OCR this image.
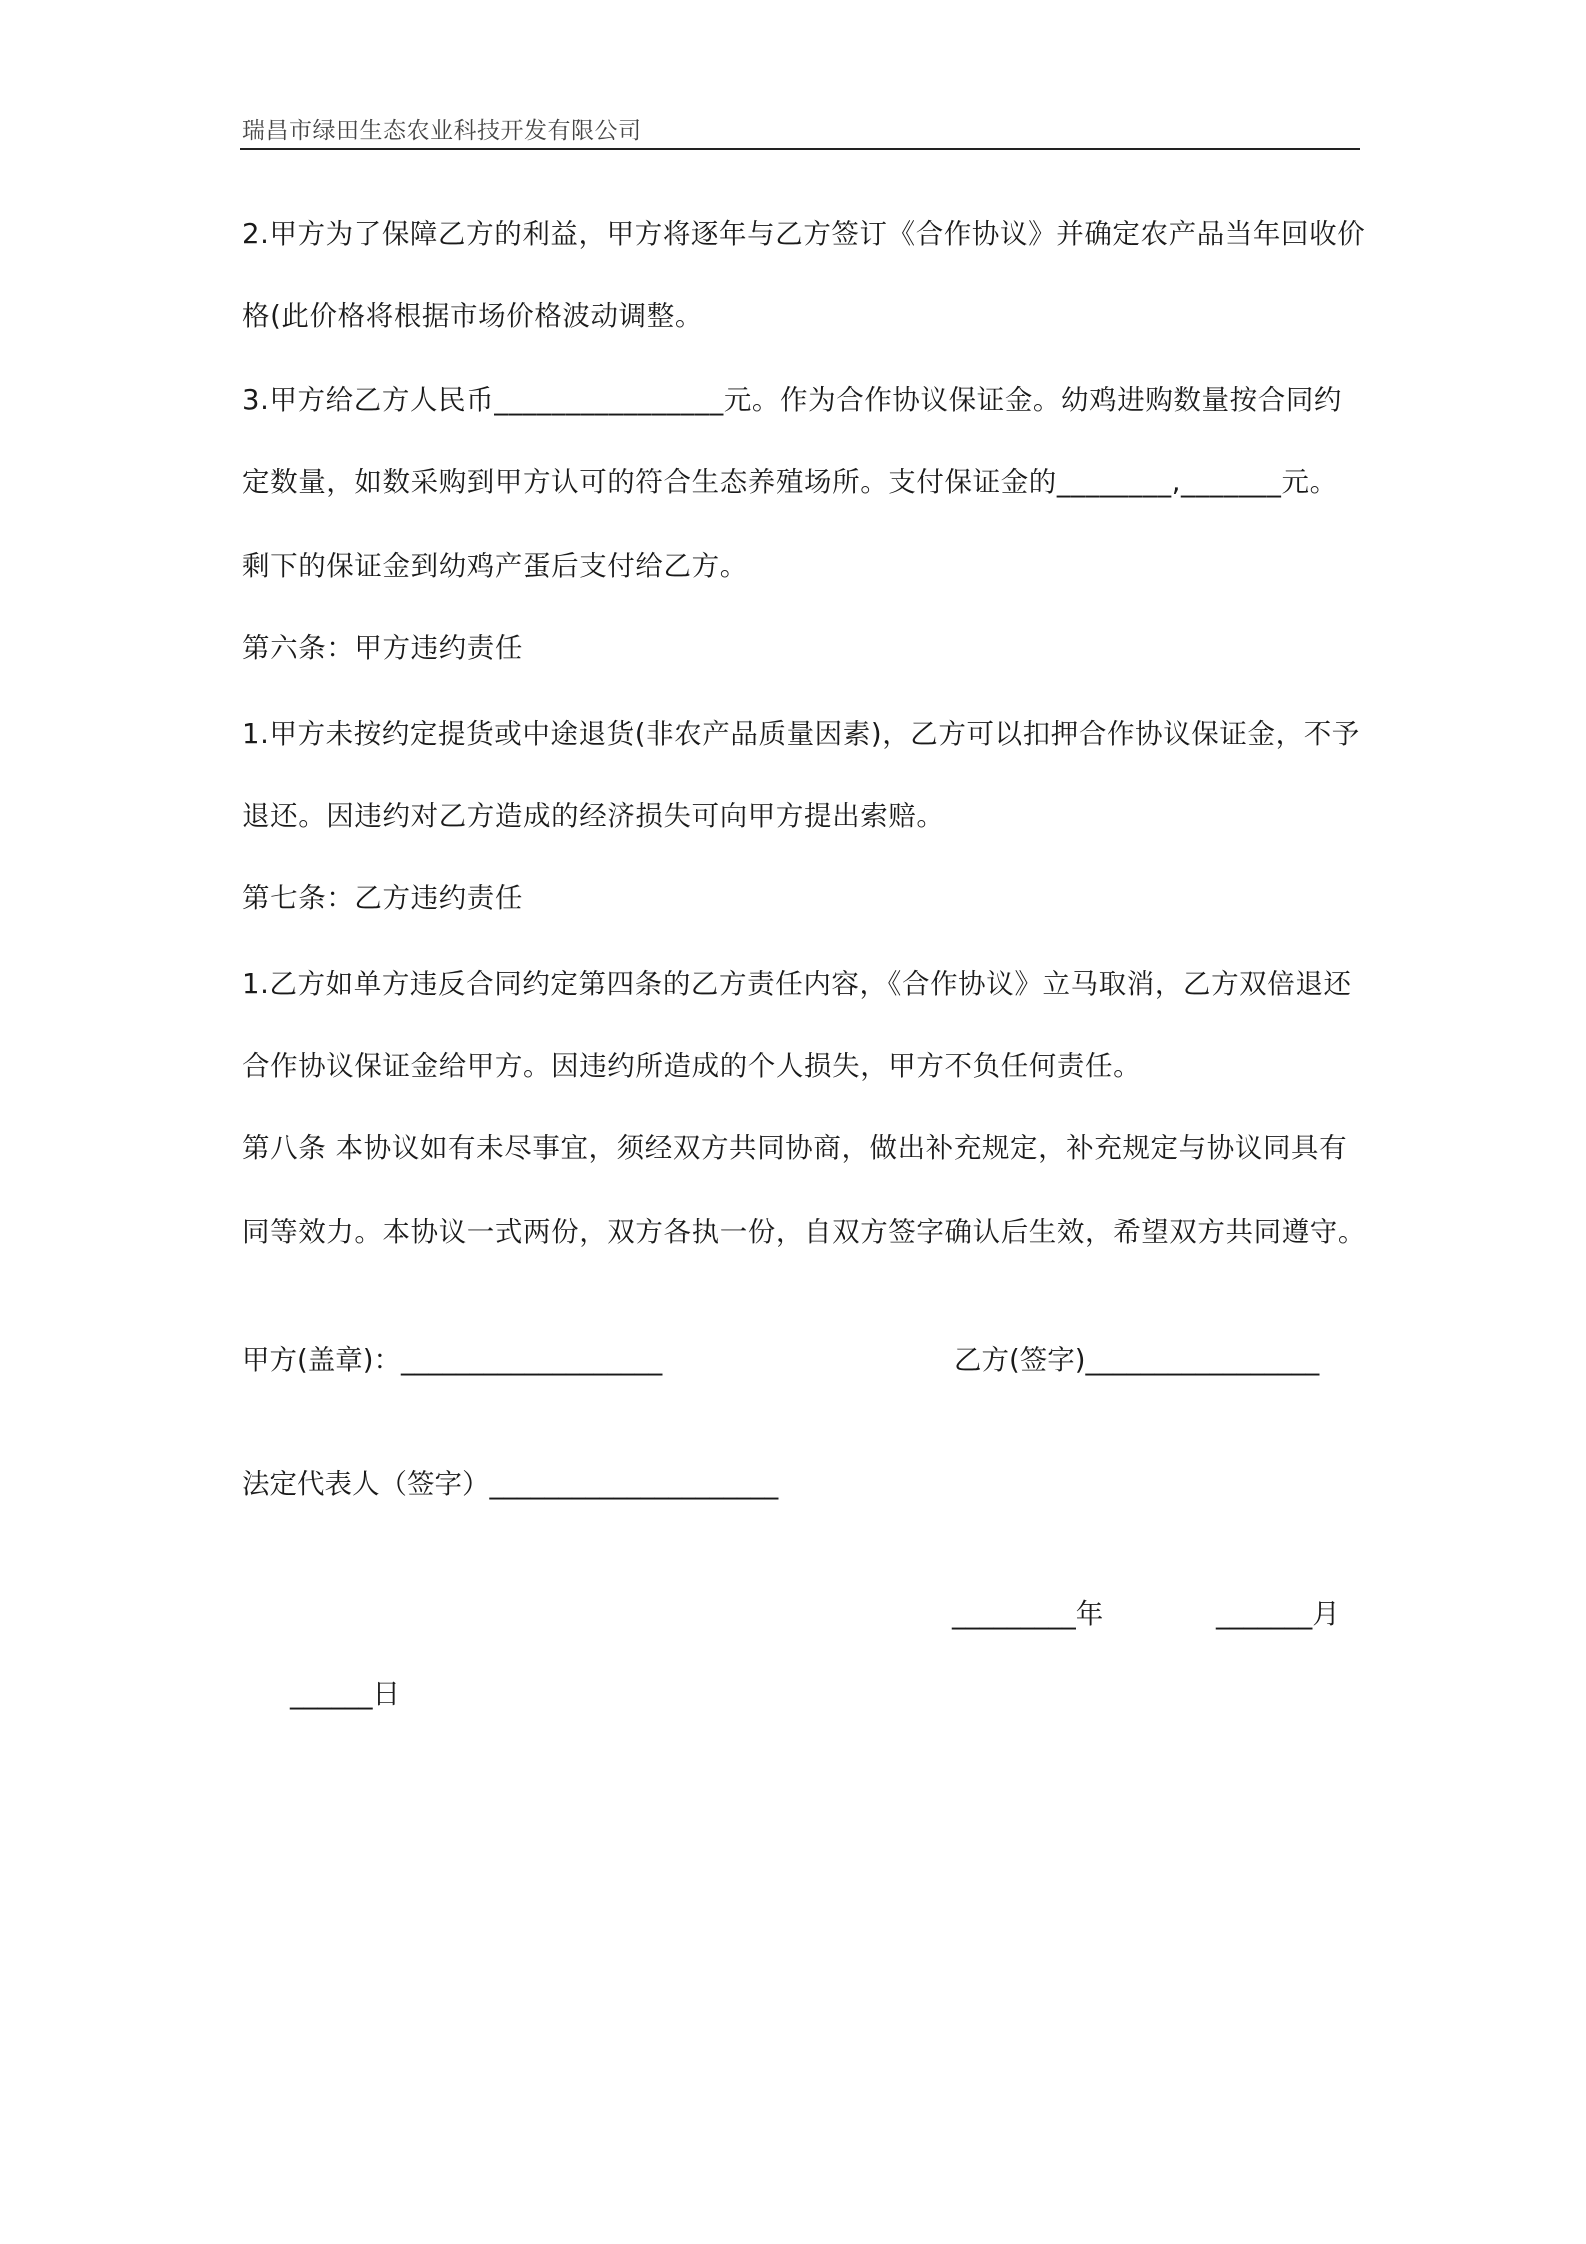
瑞昌市绿田生态农业科技开发有限公司
2.甲方为了保障乙方的利益，甲方将逐年与乙方签订《合作协议》并确定农产品当年回收价
格(此价格将根据市场价格波动调整。
3.甲方给乙方人民币________________元。作为合作协议保证金。幼鸡进购数量按合同约
定数量，如数采购到甲方认可的符合生态养殖场所。支付保证金的________,_______元。
剩下的保证金到幼鸡产蛋后支付给乙方。
第六条：甲方违约责任
1.甲方未按约定提货或中途退货(非农产品质量因素)，乙方可以扣押合作协议保证金，不予
退还。因违约对乙方造成的经济损失可向甲方提出索赔。
第七条：乙方违约责任
1.乙方如单方违反合同约定第四条的乙方责任内容，《合作协议》立马取消，乙方双倍退还
合作协议保证金给甲方。因违约所造成的个人损失，甲方不负任何责任。
第八条 本协议如有未尽事宜，须经双方共同协商，做出补充规定，补充规定与协议同具有
同等效力。本协议一式两份，双方各执一份，自双方签字确认后生效，希望双方共同遵守。
甲方(盖章)：___________________	乙方(签字)_________________
法定代表人（签字）_____________________
_________年	_______月
______日
